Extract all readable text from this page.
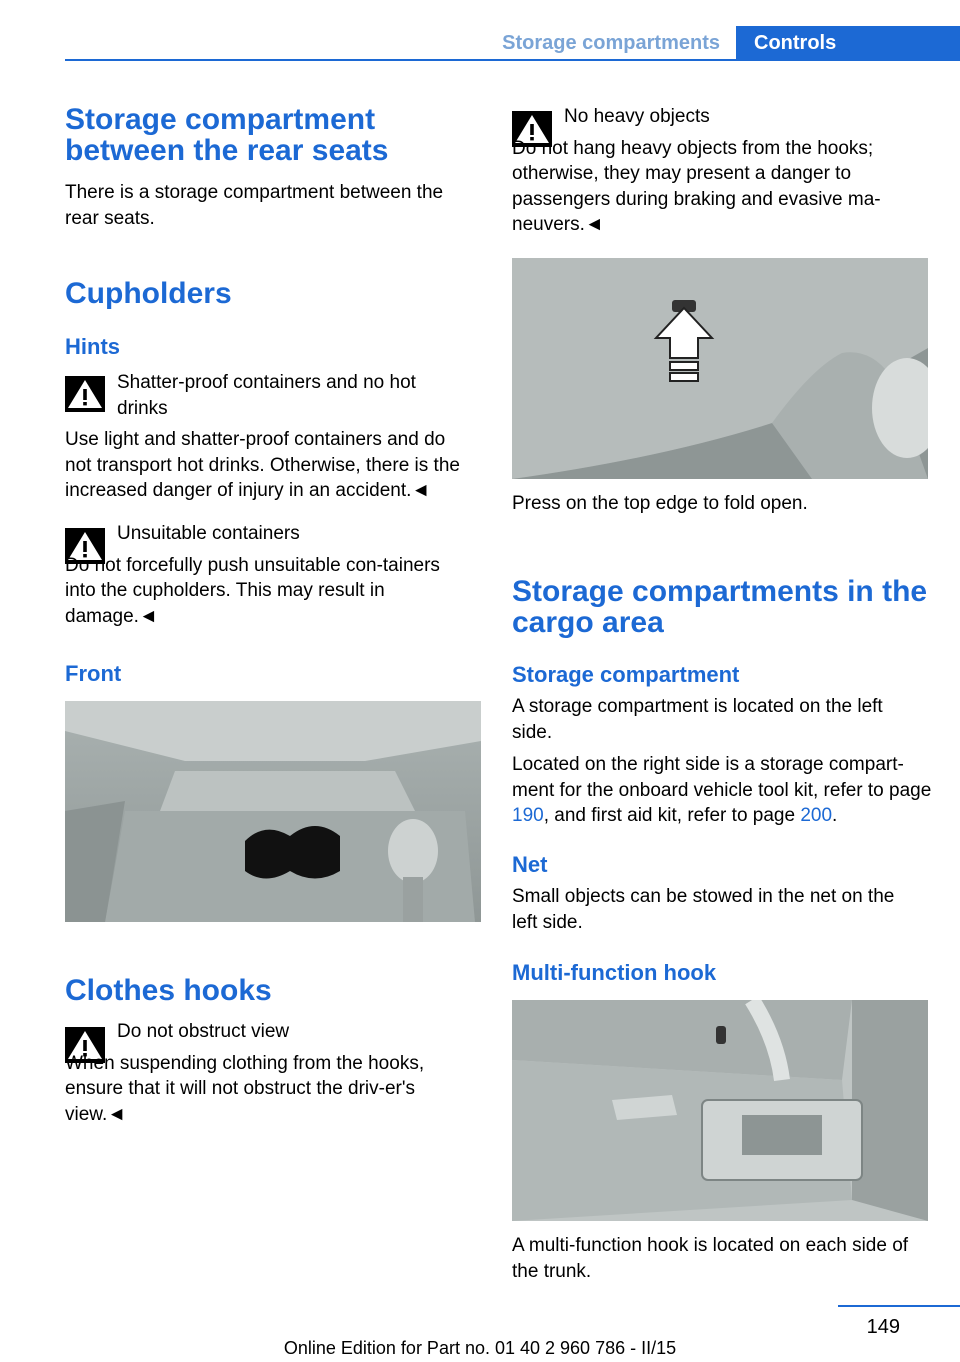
Storage compartments	Controls
Storage compartment between the rear seats

There is a storage compartment between the rear seats.

Cupholders
Hints
Shatter-proof containers and no hot drinks

Use light and shatter-proof containers and do not transport hot drinks. Otherwise, there is the increased danger of injury in an accident.◄

Unsuitable containers

Do not forcefully push unsuitable con-tainers into the cupholders. This may result in damage.◄

Front
Clothes hooks
Do not obstruct view

When suspending clothing from the hooks, ensure that it will not obstruct the driv-er's view.◄

No heavy objects

Do not hang heavy objects from the hooks; otherwise, they may present a danger to passengers during braking and evasive ma-neuvers.◄

Press on the top edge to fold open.

Storage compartments in the cargo area
Storage compartment

A storage compartment is located on the left side.

Located on the right side is a storage compart-ment for the onboard vehicle tool kit, refer to page 190, and first aid kit, refer to page 200.

Net

Small objects can be stowed in the net on the left side.

Multi-function hook

A multi-function hook is located on each side of the trunk.

149
Online Edition for Part no. 01 40 2 960 786 - II/15
